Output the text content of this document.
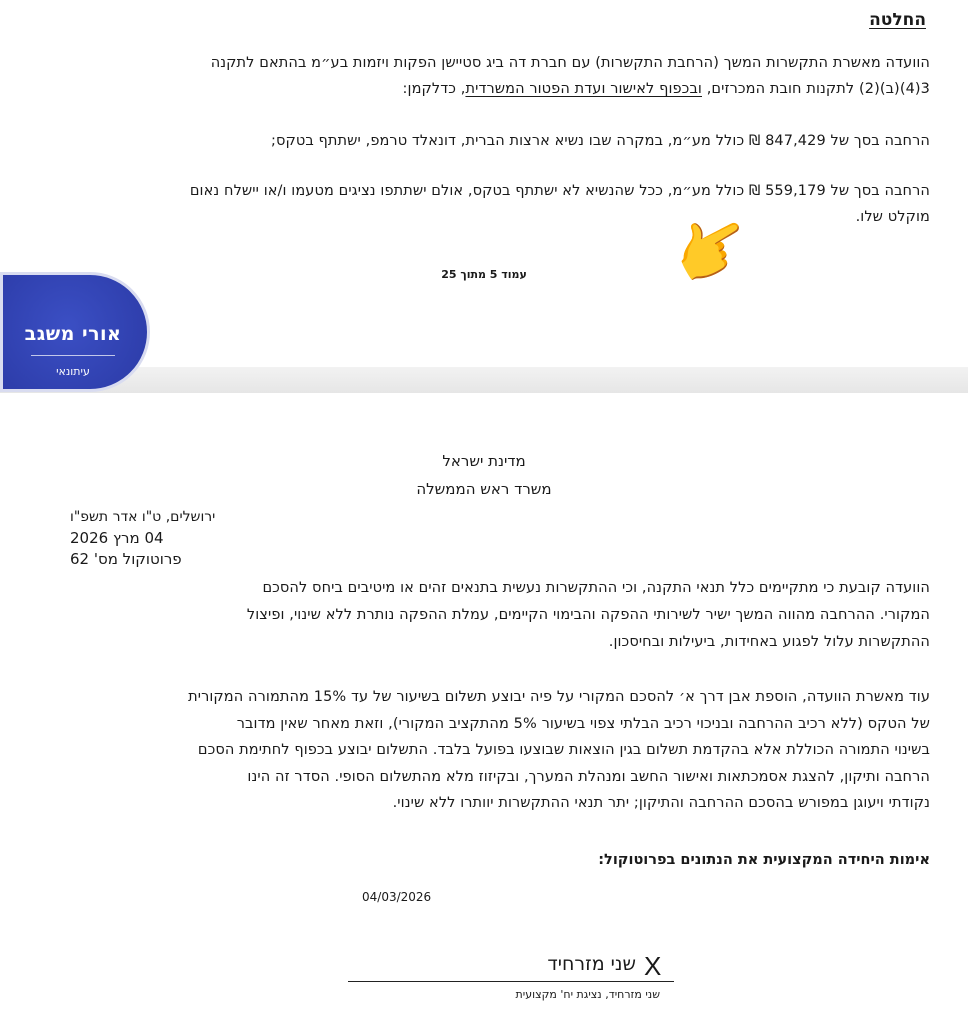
החלטה
הוועדה מאשרת התקשרות המשך (הרחבת התקשרות) עם חברת דה ביג סטיישן הפקות ויזמות בע״מ בהתאם לתקנה
3(4)(ב)(2) לתקנות חובת המכרזים, ובכפוף לאישור ועדת הפטור המשרדית, כדלקמן:
הרחבה בסך של 847,429 ₪ כולל מע״מ, במקרה שבו נשיא ארצות הברית, דונאלד טרמפ, ישתתף בטקס;
הרחבה בסך של 559,179 ₪ כולל מע״מ, ככל שהנשיא לא ישתתף בטקס, אולם ישתתפו נציגים מטעמו ו/או יישלח נאום
מוקלט שלו.
👉
עמוד 5 מתוך 25
אורי משגב
עיתונאי
מדינת ישראל
משרד ראש הממשלה
ירושלים, ט"ו אדר תשפ"ו
04 מרץ 2026
פרוטוקול מס' 62
הוועדה קובעת כי מתקיימים כלל תנאי התקנה, וכי ההתקשרות נעשית בתנאים זהים או מיטיבים ביחס להסכם
המקורי. ההרחבה מהווה המשך ישיר לשירותי ההפקה והבימוי הקיימים, עמלת ההפקה נותרת ללא שינוי, ופיצול
ההתקשרות עלול לפגוע באחידות, ביעילות ובחיסכון.
עוד מאשרת הוועדה, הוספת אבן דרך א׳ להסכם המקורי על פיה יבוצע תשלום בשיעור של עד 15% מהתמורה המקורית
של הטקס (ללא רכיב ההרחבה ובניכוי רכיב הבלתי צפוי בשיעור 5% מהתקציב המקורי), וזאת מאחר שאין מדובר
בשינוי התמורה הכוללת אלא בהקדמת תשלום בגין הוצאות שבוצעו בפועל בלבד. התשלום יבוצע בכפוף לחתימת הסכם
הרחבה ותיקון, להצגת אסמכתאות ואישור החשב ומנהלת המערך, ובקיזוז מלא מהתשלום הסופי. הסדר זה הינו
נקודתי ויעוגן במפורש בהסכם ההרחבה והתיקון; יתר תנאי ההתקשרות יוותרו ללא שינוי.
אימות היחידה המקצועית את הנתונים בפרוטוקול:
04/03/2026
X
שני מזרחיד
שני מזרחיד, נציגת יח' מקצועית
